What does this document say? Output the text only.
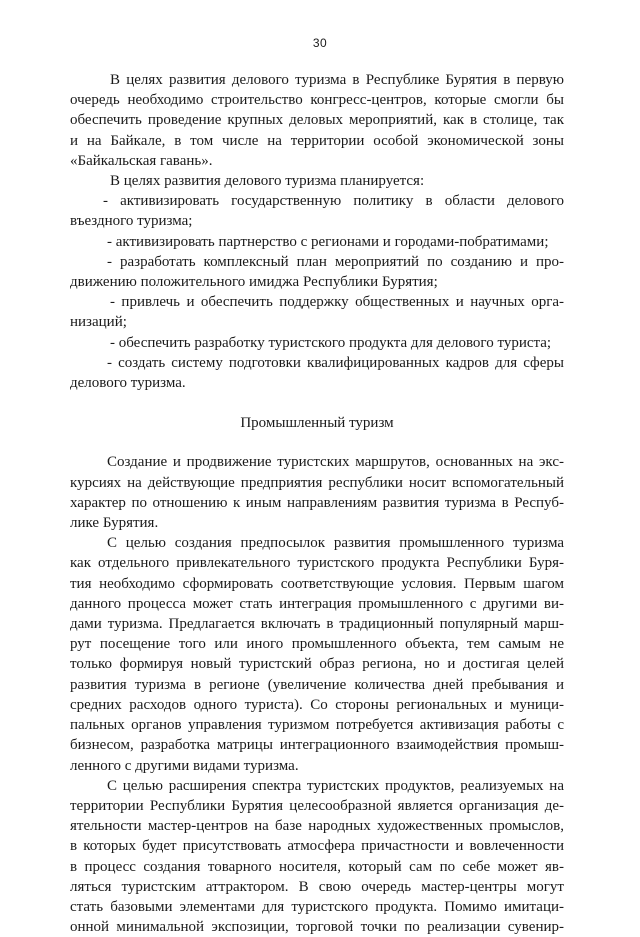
30
В целях развития делового туризма в Республике Бурятия в первую
очередь необходимо строительство конгресс-центров, которые смогли бы
обеспечить проведение крупных деловых мероприятий, как в столице, так
и на Байкале, в том числе на территории особой экономической зоны
«Байкальская гавань».
В целях развития делового туризма планируется:
- активизировать государственную политику в области делового
въездного туризма;
- активизировать партнерство с регионами и городами-побратимами;
- разработать комплексный план мероприятий по созданию и про-
движению положительного имиджа Республики Бурятия;
- привлечь и обеспечить поддержку общественных и научных орга-
низаций;
- обеспечить разработку туристского продукта для делового туриста;
- создать систему подготовки квалифицированных кадров для сферы
делового туризма.
Промышленный туризм
Создание и продвижение туристских маршрутов, основанных на экс-
курсиях на действующие предприятия республики носит вспомогательный
характер по отношению к иным направлениям развития туризма в Респуб-
лике Бурятия.
С целью создания предпосылок развития промышленного туризма
как отдельного привлекательного туристского продукта Республики Буря-
тия необходимо сформировать соответствующие условия. Первым шагом
данного процесса может стать интеграция промышленного с другими ви-
дами туризма. Предлагается включать в традиционный популярный марш-
рут посещение того или иного промышленного объекта, тем самым не
только формируя новый туристский образ региона, но и достигая целей
развития туризма в регионе (увеличение количества дней пребывания и
средних расходов одного туриста). Со стороны региональных и муници-
пальных органов управления туризмом потребуется активизация работы с
бизнесом, разработка матрицы интеграционного взаимодействия промыш-
ленного с другими видами туризма.
С целью расширения спектра туристских продуктов, реализуемых на
территории Республики Бурятия целесообразной является организация де-
ятельности мастер-центров на базе народных художественных промыслов,
в которых будет присутствовать атмосфера причастности и вовлеченности
в процесс создания товарного носителя, который сам по себе может яв-
ляться туристским аттрактором. В свою очередь мастер-центры могут
стать базовыми элементами для туристского продукта. Помимо имитаци-
онной минимальной экспозиции, торговой точки по реализации сувенир-
